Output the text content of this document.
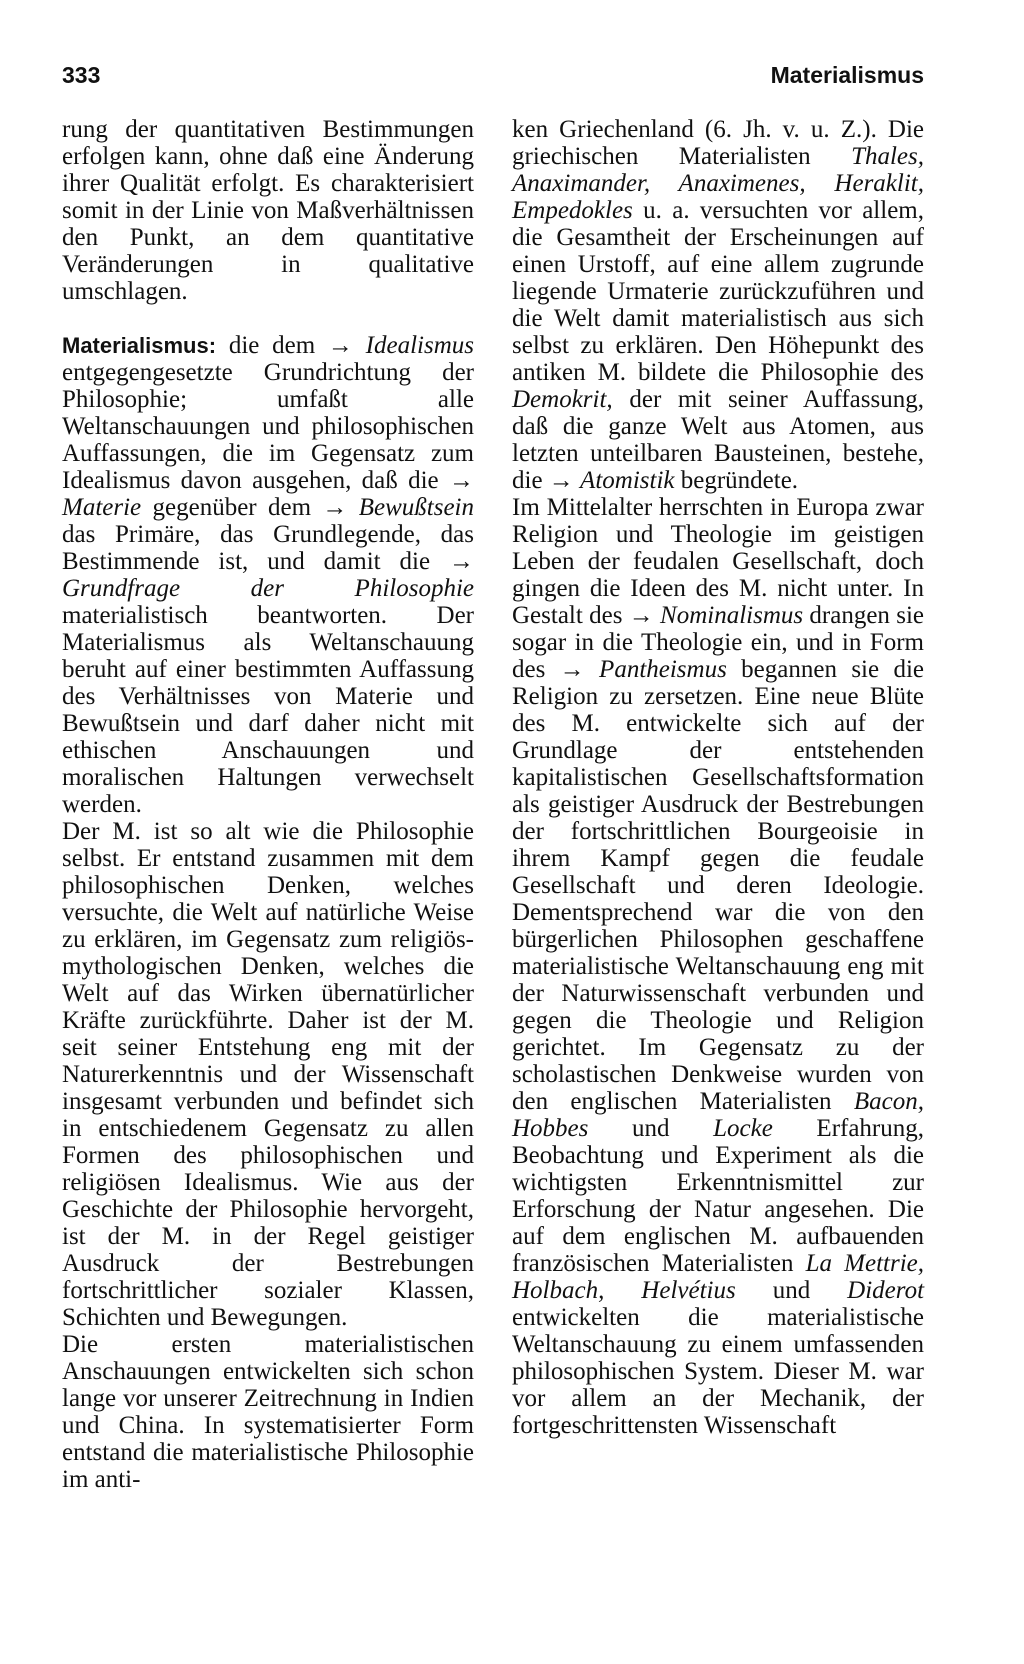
333	Materialismus

rung der quantitativen Bestimmungen erfolgen kann, ohne daß eine Änderung ihrer Qualität erfolgt. Es charakterisiert somit in der Linie von Maßverhältnissen den Punkt, an dem quantitative Veränderungen in qualitative umschlagen.

Materialismus: die dem → Idealismus entgegengesetzte Grundrichtung der Philosophie; umfaßt alle Weltanschauungen und philosophischen Auffassungen, die im Gegensatz zum Idealismus davon ausgehen, daß die → Materie gegenüber dem → Bewußtsein das Primäre, das Grundlegende, das Bestimmende ist, und damit die → Grundfrage der Philosophie materialistisch beantworten. Der Materialismus als Weltanschauung beruht auf einer bestimmten Auffassung des Verhältnisses von Materie und Bewußtsein und darf daher nicht mit ethischen Anschauungen und moralischen Haltungen verwechselt werden.

Der M. ist so alt wie die Philosophie selbst. Er entstand zusammen mit dem philosophischen Denken, welches versuchte, die Welt auf natürliche Weise zu erklären, im Gegensatz zum religiös-mythologischen Denken, welches die Welt auf das Wirken übernatürlicher Kräfte zurückführte. Daher ist der M. seit seiner Entstehung eng mit der Naturerkenntnis und der Wissenschaft insgesamt verbunden und befindet sich in entschiedenem Gegensatz zu allen Formen des philosophischen und religiösen Idealismus. Wie aus der Geschichte der Philosophie hervorgeht, ist der M. in der Regel geistiger Ausdruck der Bestrebungen fortschrittlicher sozialer Klassen, Schichten und Bewegungen.

Die ersten materialistischen Anschauungen entwickelten sich schon lange vor unserer Zeitrechnung in Indien und China. In systematisierter Form entstand die materialistische Philosophie im anti-

ken Griechenland (6. Jh. v. u. Z.). Die griechischen Materialisten Thales, Anaximander, Anaximenes, Heraklit, Empedokles u. a. versuchten vor allem, die Gesamtheit der Erscheinungen auf einen Urstoff, auf eine allem zugrunde liegende Urmaterie zurückzuführen und die Welt damit materialistisch aus sich selbst zu erklären. Den Höhepunkt des antiken M. bildete die Philosophie des Demokrit, der mit seiner Auffassung, daß die ganze Welt aus Atomen, aus letzten unteilbaren Bausteinen, bestehe, die → Atomistik begründete.

Im Mittelalter herrschten in Europa zwar Religion und Theologie im geistigen Leben der feudalen Gesellschaft, doch gingen die Ideen des M. nicht unter. In Gestalt des → Nominalismus drangen sie sogar in die Theologie ein, und in Form des → Pantheismus begannen sie die Religion zu zersetzen. Eine neue Blüte des M. entwickelte sich auf der Grundlage der entstehenden kapitalistischen Gesellschaftsformation als geistiger Ausdruck der Bestrebungen der fortschrittlichen Bourgeoisie in ihrem Kampf gegen die feudale Gesellschaft und deren Ideologie. Dementsprechend war die von den bürgerlichen Philosophen geschaffene materialistische Weltanschauung eng mit der Naturwissenschaft verbunden und gegen die Theologie und Religion gerichtet. Im Gegensatz zu der scholastischen Denkweise wurden von den englischen Materialisten Bacon, Hobbes und Locke Erfahrung, Beobachtung und Experiment als die wichtigsten Erkenntnismittel zur Erforschung der Natur angesehen. Die auf dem englischen M. aufbauenden französischen Materialisten La Mettrie, Holbach, Helvétius und Diderot entwickelten die materialistische Weltanschauung zu einem umfassenden philosophischen System. Dieser M. war vor allem an der Mechanik, der fortgeschrittensten Wissenschaft
